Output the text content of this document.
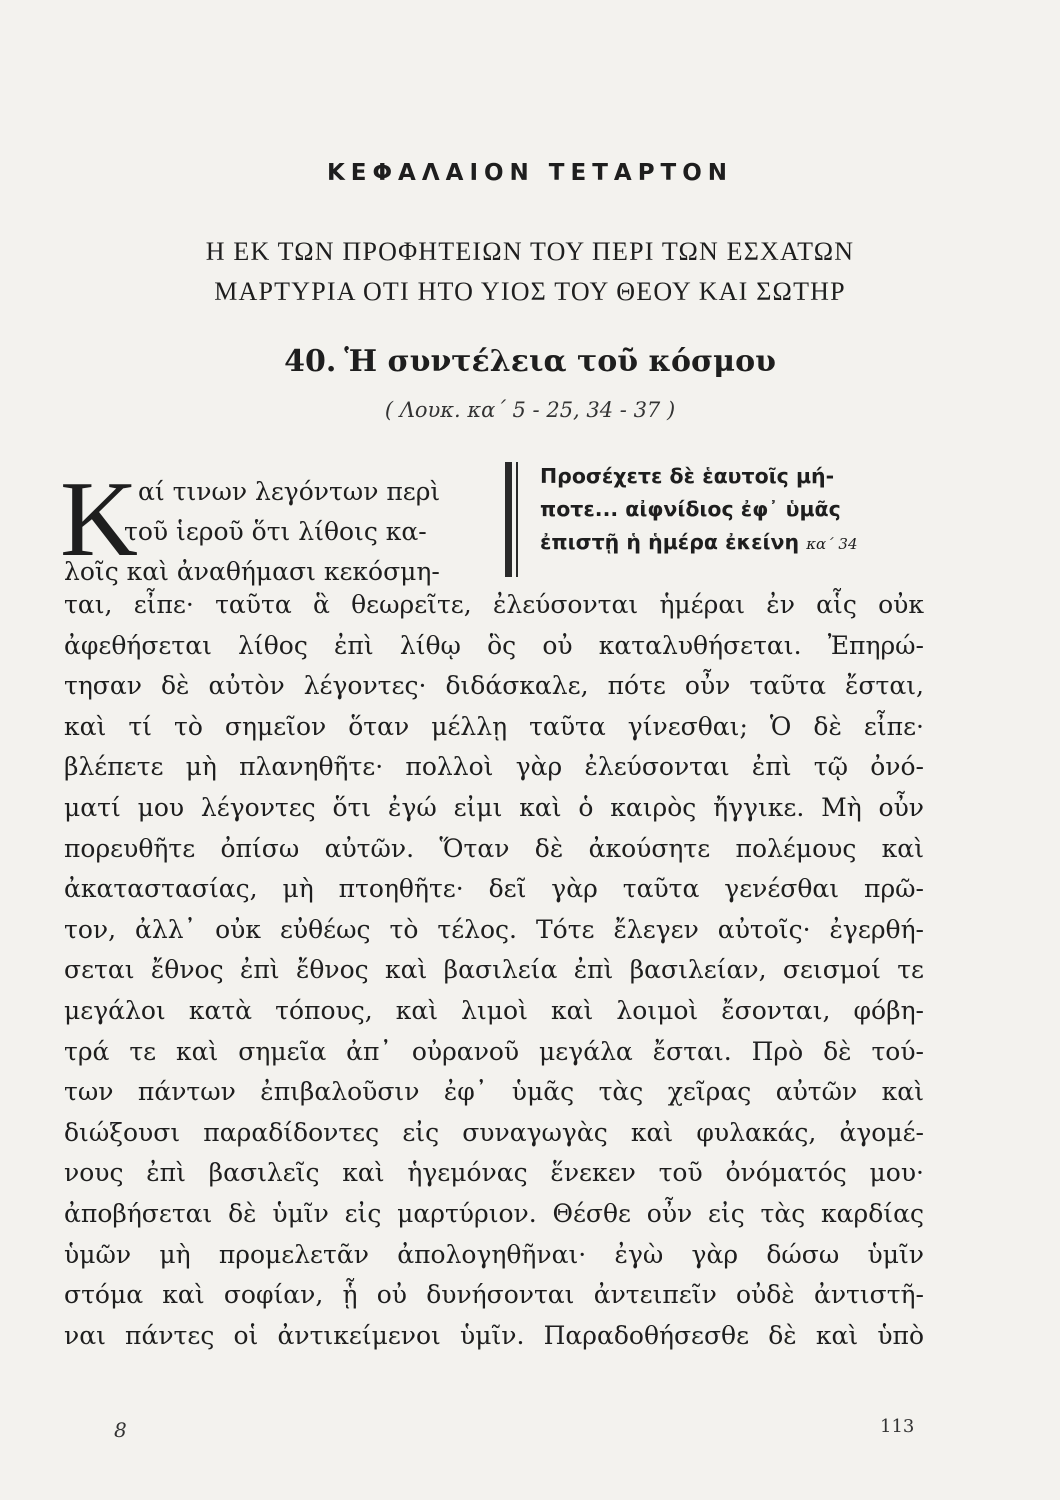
ΚΕΦΑΛΑΙΟΝ ΤΕΤΑΡΤΟΝ
Η ΕΚ ΤΩΝ ΠΡΟΦΗΤΕΙΩΝ ΤΟΥ ΠΕΡΙ ΤΩΝ ΕΣΧΑΤΩΝ
ΜΑΡΤΥΡΙΑ ΟΤΙ ΗΤΟ ΥΙΟΣ ΤΟΥ ΘΕΟΥ ΚΑΙ ΣΩΤΗΡ
40. Ἡ συντέλεια τοῦ κόσμου
( Λουκ. κα΄ 5 - 25, 34 - 37 )
Κ αί τινων λεγόντων περὶ
τοῦ ἱεροῦ ὅτι λίθοις κα-
λοῖς καὶ ἀναθήμασι κεκόσμη-
Προσέχετε δὲ ἑαυτοῖς μή-
ποτε... αἰφνίδιος ἐφ᾽ ὑμᾶς
ἐπιστῇ ἡ ἡμέρα ἐκείνη κα΄ 34
ται, εἶπε· ταῦτα ἃ θεωρεῖτε, ἐλεύσονται ἡμέραι ἐν αἷς οὐκ
ἀφεθήσεται λίθος ἐπὶ λίθῳ ὃς οὐ καταλυθήσεται. Ἐπηρώ-
τησαν δὲ αὐτὸν λέγοντες· διδάσκαλε, πότε οὖν ταῦτα ἔσται,
καὶ τί τὸ σημεῖον ὅταν μέλλῃ ταῦτα γίνεσθαι; Ὁ δὲ εἶπε·
βλέπετε μὴ πλανηθῆτε· πολλοὶ γὰρ ἐλεύσονται ἐπὶ τῷ ὀνό-
ματί μου λέγοντες ὅτι ἐγώ εἰμι καὶ ὁ καιρὸς ἤγγικε. Μὴ οὖν
πορευθῆτε ὀπίσω αὐτῶν. Ὅταν δὲ ἀκούσητε πολέμους καὶ
ἀκαταστασίας, μὴ πτοηθῆτε· δεῖ γὰρ ταῦτα γενέσθαι πρῶ-
τον, ἀλλ᾽ οὐκ εὐθέως τὸ τέλος. Τότε ἔλεγεν αὐτοῖς· ἐγερθή-
σεται ἔθνος ἐπὶ ἔθνος καὶ βασιλεία ἐπὶ βασιλείαν, σεισμοί τε
μεγάλοι κατὰ τόπους, καὶ λιμοὶ καὶ λοιμοὶ ἔσονται, φόβη-
τρά τε καὶ σημεῖα ἀπ᾽ οὐρανοῦ μεγάλα ἔσται. Πρὸ δὲ τού-
των πάντων ἐπιβαλοῦσιν ἐφ᾽ ὑμᾶς τὰς χεῖρας αὐτῶν καὶ
διώξουσι παραδίδοντες εἰς συναγωγὰς καὶ φυλακάς, ἀγομέ-
νους ἐπὶ βασιλεῖς καὶ ἡγεμόνας ἕνεκεν τοῦ ὀνόματός μου·
ἀποβήσεται δὲ ὑμῖν εἰς μαρτύριον. Θέσθε οὖν εἰς τὰς καρδίας
ὑμῶν μὴ προμελετᾶν ἀπολογηθῆναι· ἐγὼ γὰρ δώσω ὑμῖν
στόμα καὶ σοφίαν, ᾗ οὐ δυνήσονται ἀντειπεῖν οὐδὲ ἀντιστῆ-
ναι πάντες οἱ ἀντικείμενοι ὑμῖν. Παραδοθήσεσθε δὲ καὶ ὑπὸ
8	113
